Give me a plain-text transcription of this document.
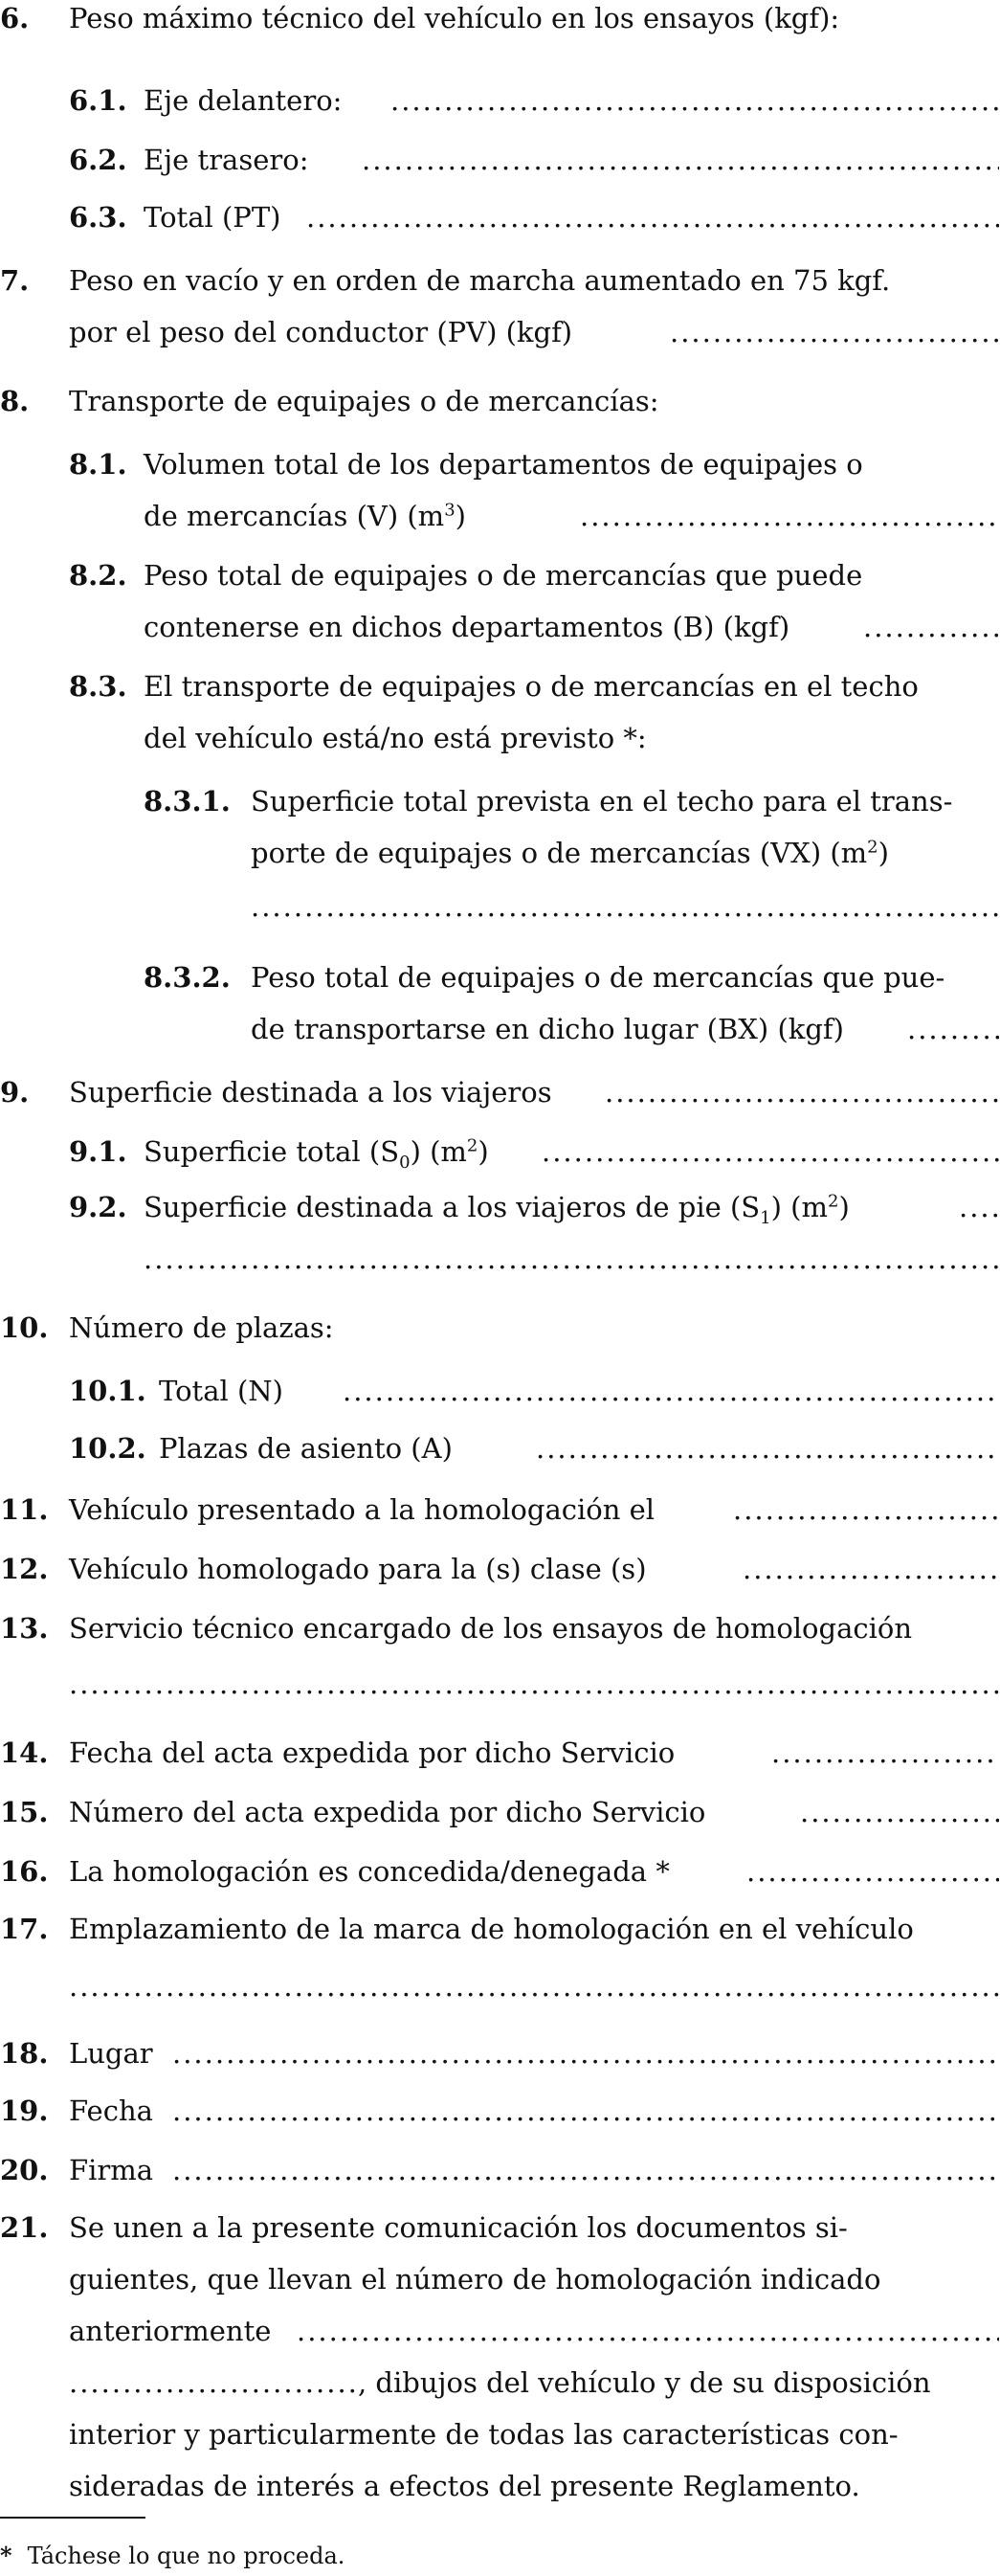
6. Peso máximo técnico del vehículo en los ensayos (kgf):
6.1. Eje delantero:
.....
6.2. Eje trasero:
.....
6.3. Total (PT)
.....
7. Peso en vacío y en orden de marcha aumentado en 75 kgf.
por el peso del conductor (PV) (kgf)
.....
8. Transporte de equipajes o de mercancías:
8.1. Volumen total de los departamentos de equipajes o
de mercancías (V) $(m^3)$
.....
8.2. Peso total de equipajes o de mercancías que puede
contenerse en dichos departamentos (B) (kgf)
.....
8.3. El transporte de equipajes o de mercancías en el techo
del vehículo está/no está previsto *:
8.3.1. Superficie total prevista en el techo para el trans-
porte de equipajes o de mercancías (VX) $(m^2)$
.....
8.3.2. Peso total de equipajes o de mercancías que pue-
de transportarse en dicho lugar (BX) (kgf)
.....
9. Superficie destinada a los viajeros
.....
9.1. Superficie total $(S_0)$ $(m^2)$
.....
9.2. Superficie destinada a los viajeros de pie $(S_1)$ $(m^2)$
.....
.....
10. Número de plazas:
10.1. Total (N)
.....
10.2. Plazas de asiento (A)
.....
11. Vehículo presentado a la homologación el
.....
12. Vehículo homologado para la (s) clase (s)
.....
13. Servicio técnico encargado de los ensayos de homologación
.....
14. Fecha del acta expedida por dicho Servicio
.....
15. Número del acta expedida por dicho Servicio
.....
16. La homologación es concedida/denegada *
.....
17. Emplazamiento de la marca de homologación en el vehículo
.....
18. Lugar
.....
19. Fecha
.....
20. Firma
.....
21. Se unen a la presente comunicación los documentos si-
guientes, que llevan el número de homologación indicado
anteriormente
.....
.....
, dibujos del vehículo y de su disposición
interior y particularmente de todas las características con-
sideradas de interés a efectos del presente Reglamento.
* Táchese lo que no proceda.
